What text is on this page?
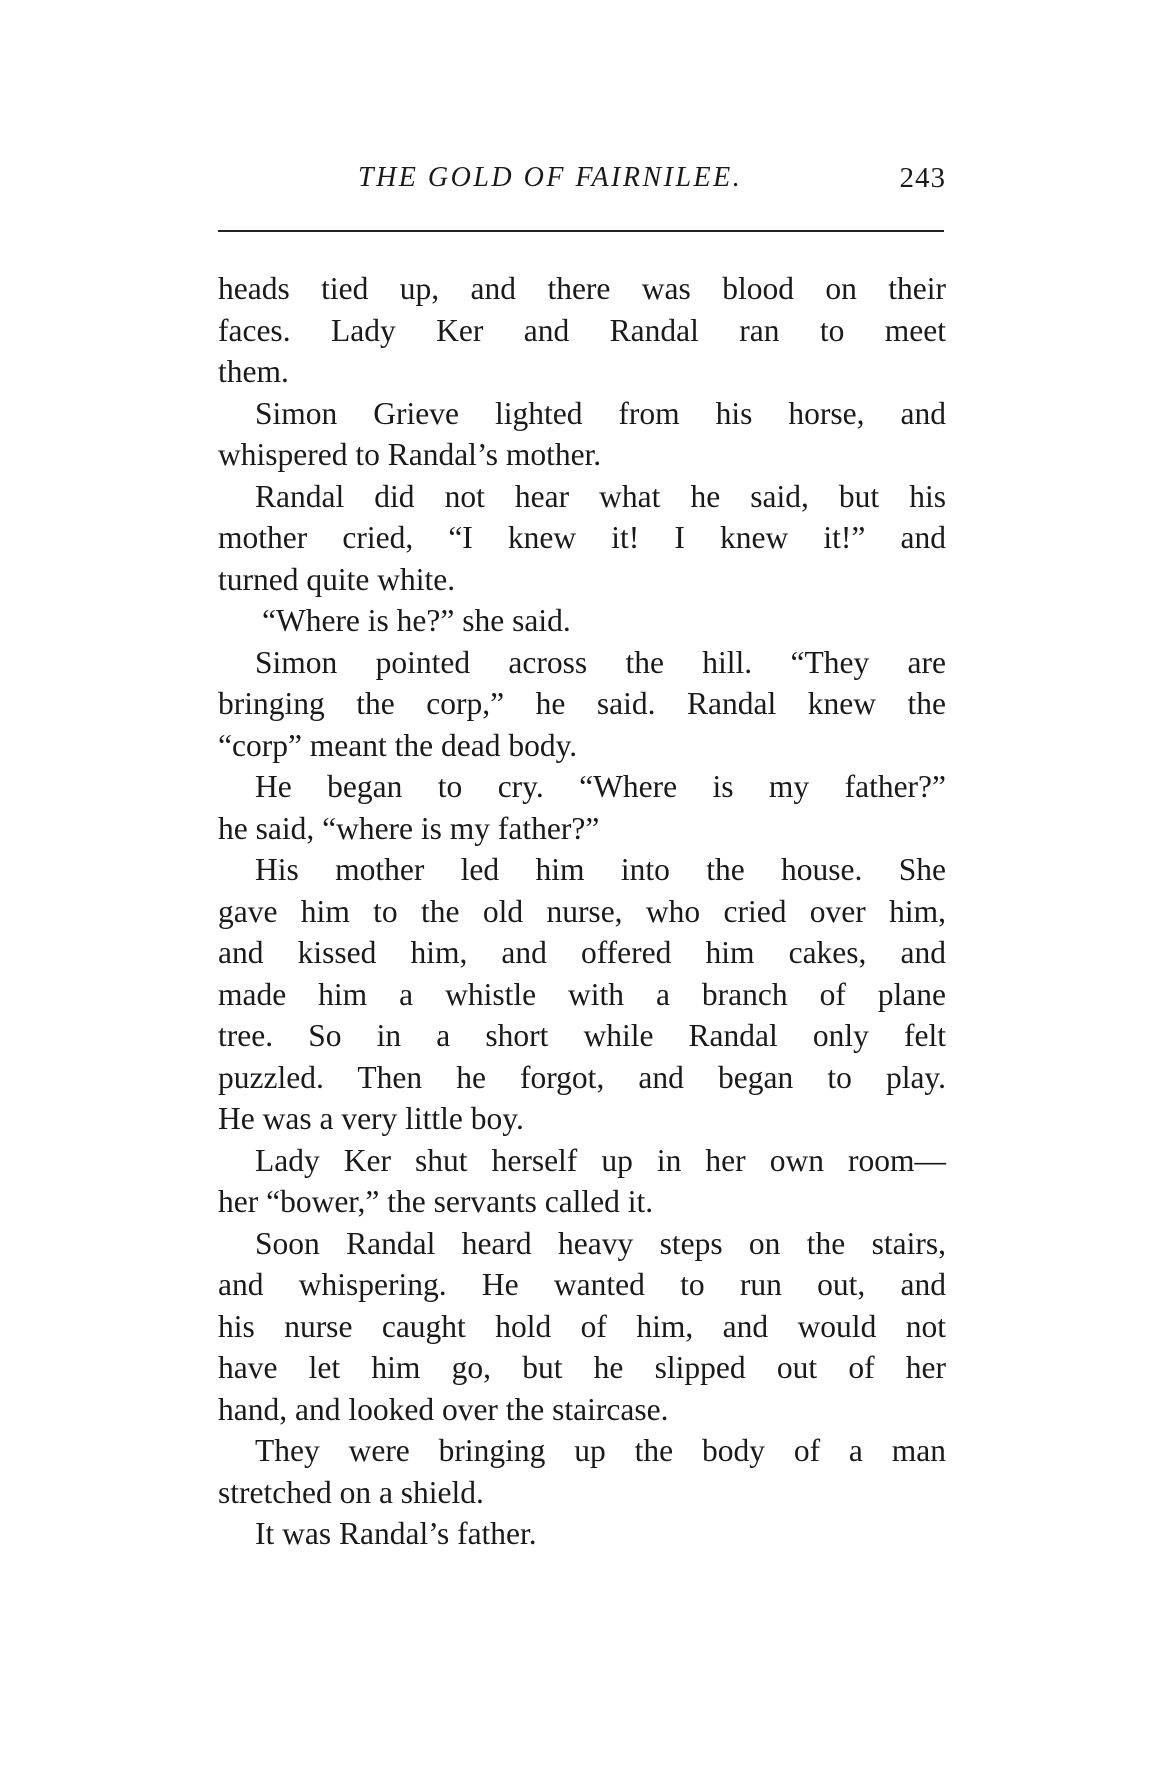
THE GOLD OF FAIRNILEE.	243
heads tied up, and there was blood on their
faces. Lady Ker and Randal ran to meet
them.
Simon Grieve lighted from his horse, and
whispered to Randal’s mother.
Randal did not hear what he said, but his
mother cried, “I knew it! I knew it!” and
turned quite white.
“Where is he?” she said.
Simon pointed across the hill. “They are
bringing the corp,” he said. Randal knew the
“corp” meant the dead body.
He began to cry. “Where is my father?”
he said, “where is my father?”
His mother led him into the house. She
gave him to the old nurse, who cried over him,
and kissed him, and offered him cakes, and
made him a whistle with a branch of plane
tree. So in a short while Randal only felt
puzzled. Then he forgot, and began to play.
He was a very little boy.
Lady Ker shut herself up in her own room—
her “bower,” the servants called it.
Soon Randal heard heavy steps on the stairs,
and whispering. He wanted to run out, and
his nurse caught hold of him, and would not
have let him go, but he slipped out of her
hand, and looked over the staircase.
They were bringing up the body of a man
stretched on a shield.
It was Randal’s father.
